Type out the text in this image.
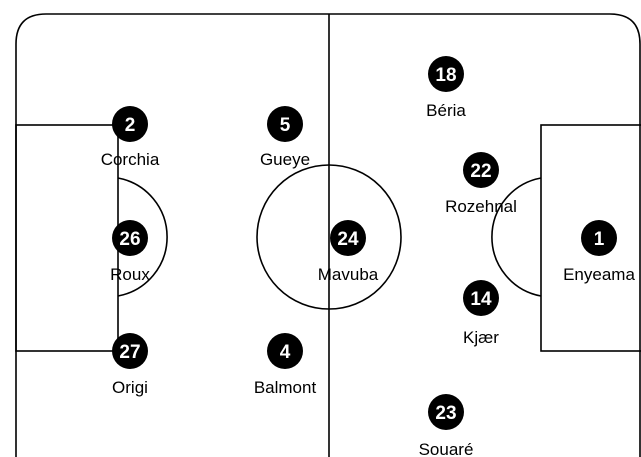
1
Enyeama
2
Corchia
26
Roux
27
Origi
5
Gueye
24
Mavuba
4
Balmont
18
Béria
22
Rozehnal
14
Kjær
23
Souaré
